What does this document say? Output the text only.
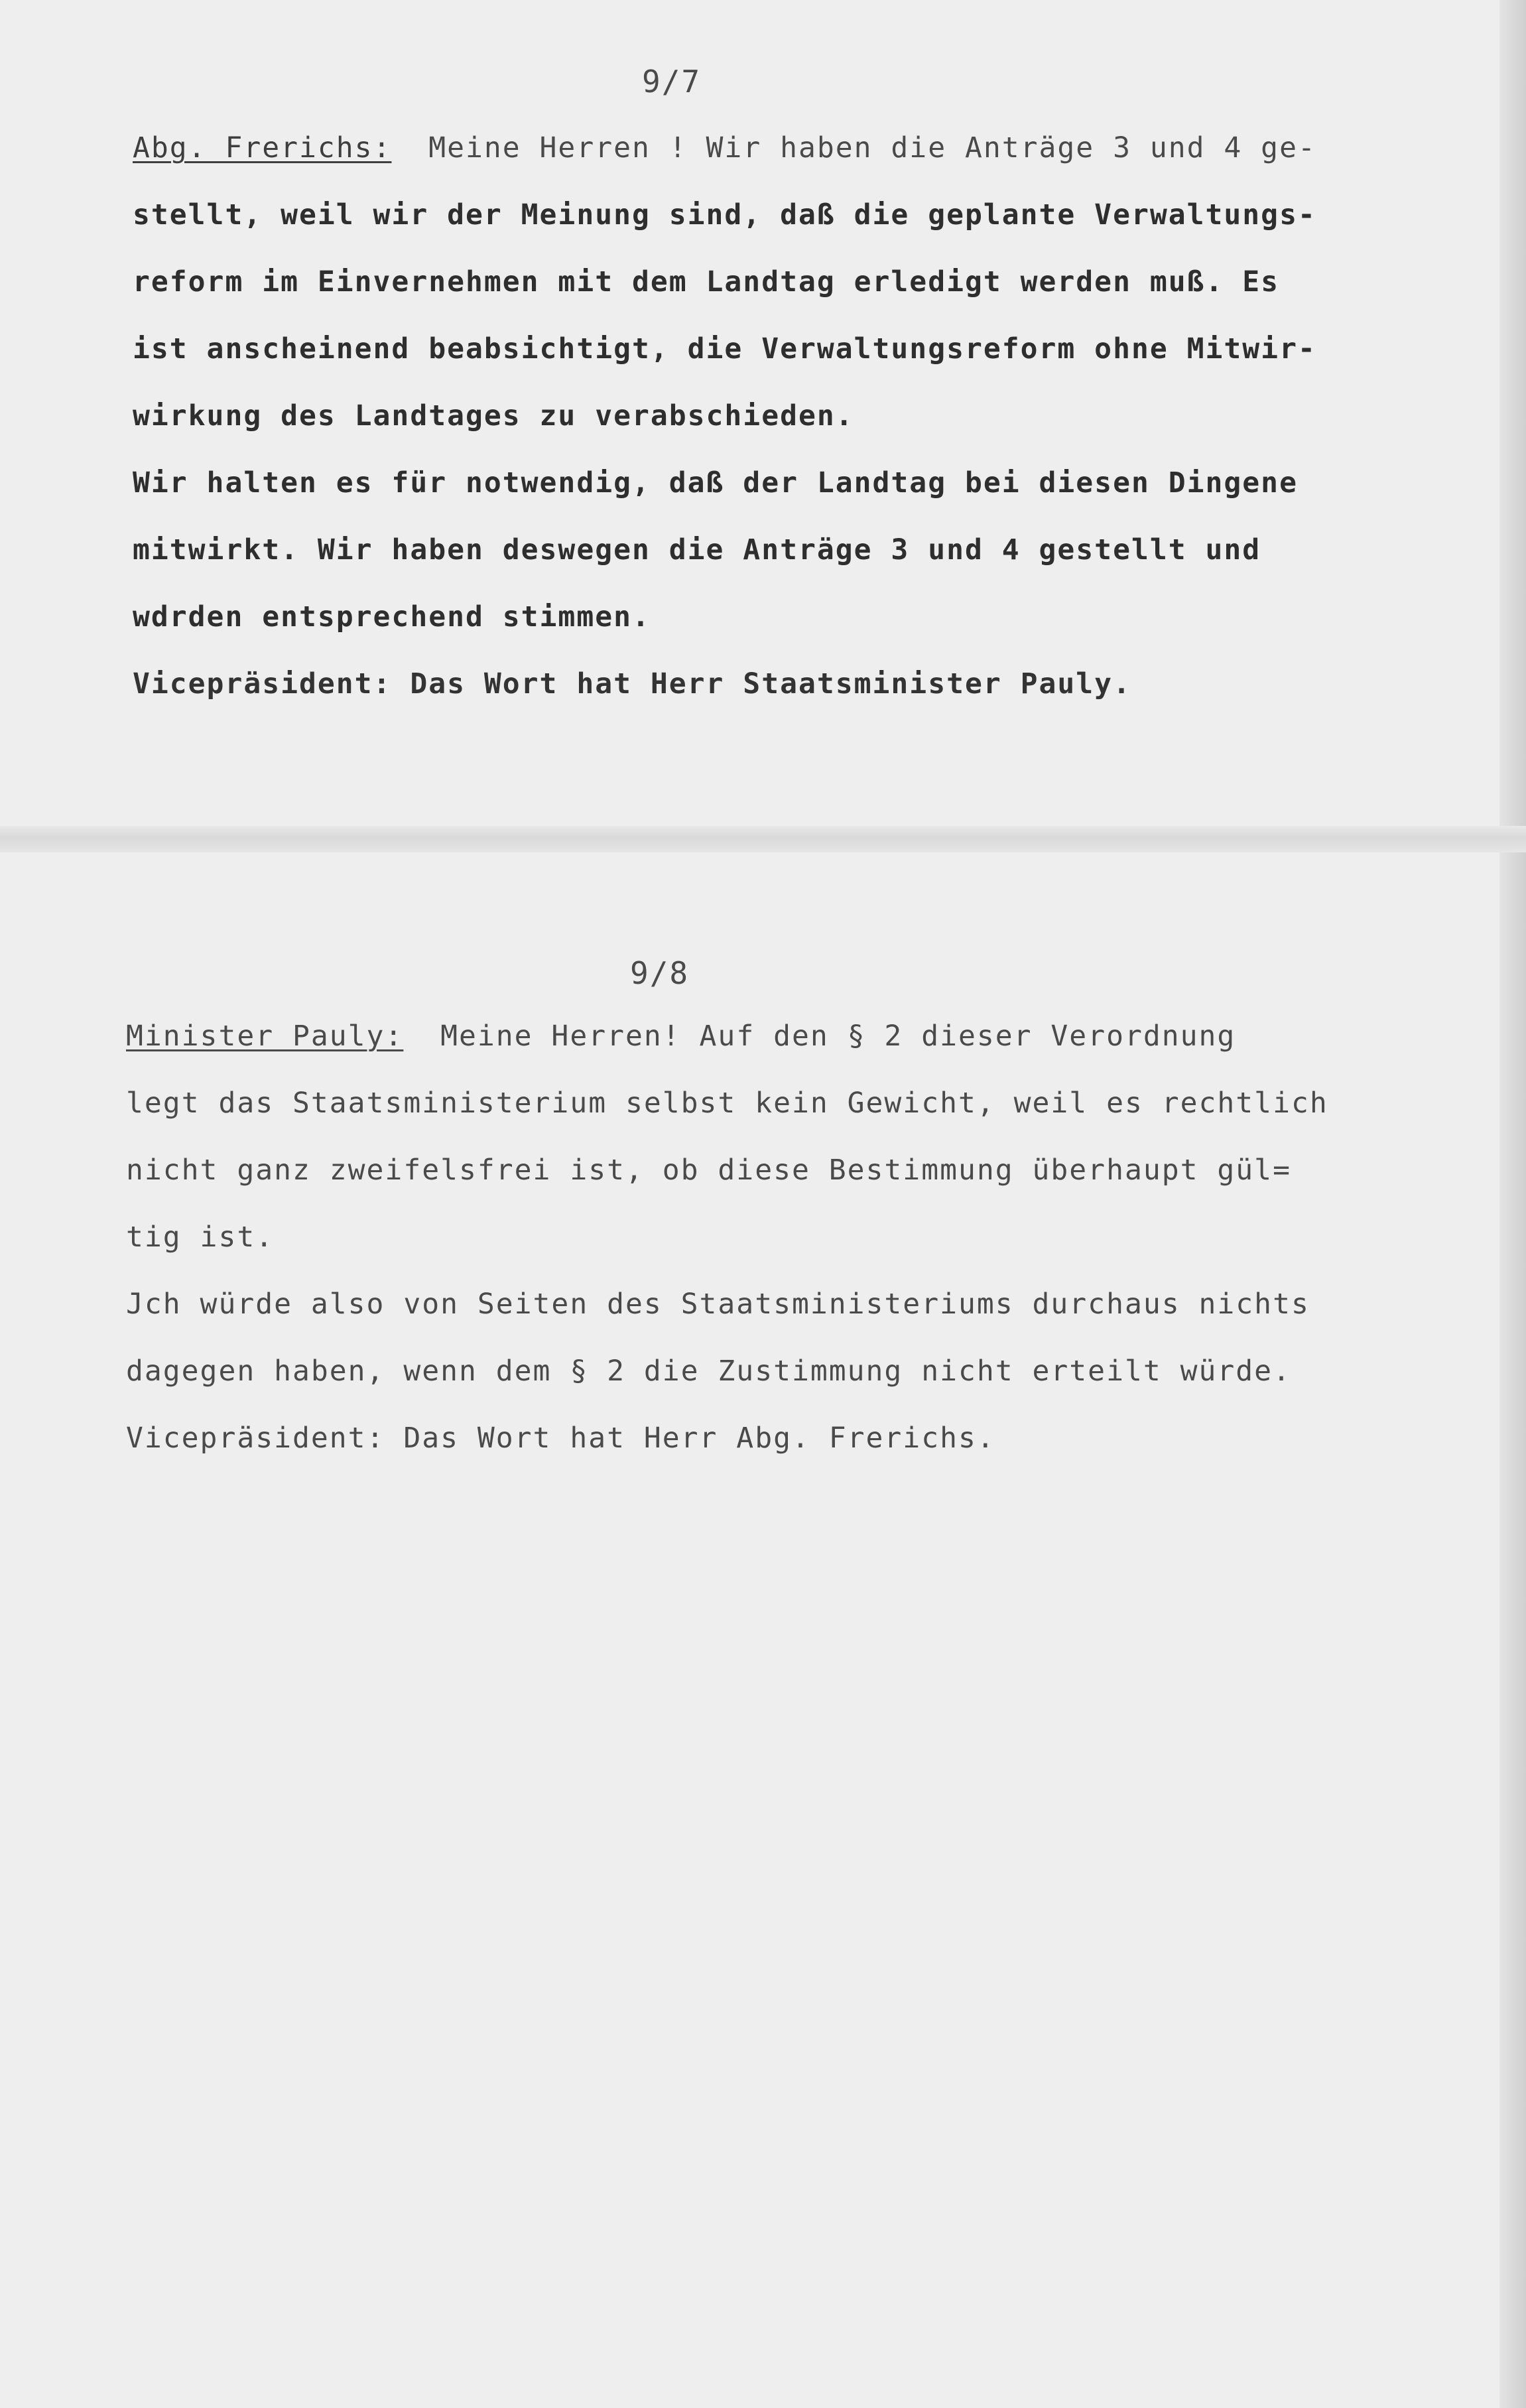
9/7
Abg. Frerichs:  Meine Herren ! Wir haben die Anträge 3 und 4 ge-
stellt, weil wir der Meinung sind, daß die geplante Verwaltungs-
reform im Einvernehmen mit dem Landtag erledigt werden muß. Es
ist anscheinend beabsichtigt, die Verwaltungsreform ohne Mitwir-
wirkung des Landtages zu verabschieden.
Wir halten es für notwendig, daß der Landtag bei diesen Dingene
mitwirkt. Wir haben deswegen die Anträge 3 und 4 gestellt und
wdrden entsprechend stimmen.
Vicepräsident: Das Wort hat Herr Staatsminister Pauly.
9/8
Minister Pauly:  Meine Herren! Auf den § 2 dieser Verordnung
legt das Staatsministerium selbst kein Gewicht, weil es rechtlich
nicht ganz zweifelsfrei ist, ob diese Bestimmung überhaupt gül=
tig ist.
Jch würde also von Seiten des Staatsministeriums durchaus nichts
dagegen haben, wenn dem § 2 die Zustimmung nicht erteilt würde.
Vicepräsident: Das Wort hat Herr Abg. Frerichs.
